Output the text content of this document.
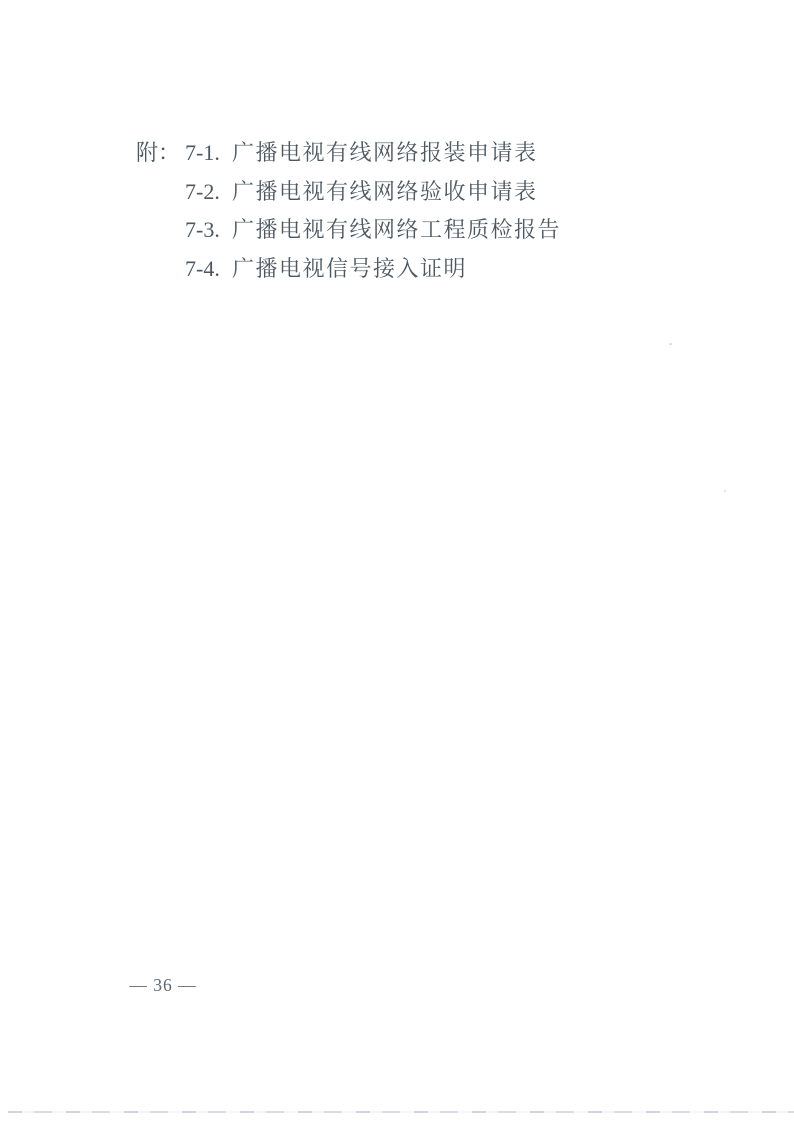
附： 7-1. 广播电视有线网络报装申请表
7-2. 广播电视有线网络验收申请表
7-3. 广播电视有线网络工程质检报告
7-4. 广播电视信号接入证明
— 36 —
